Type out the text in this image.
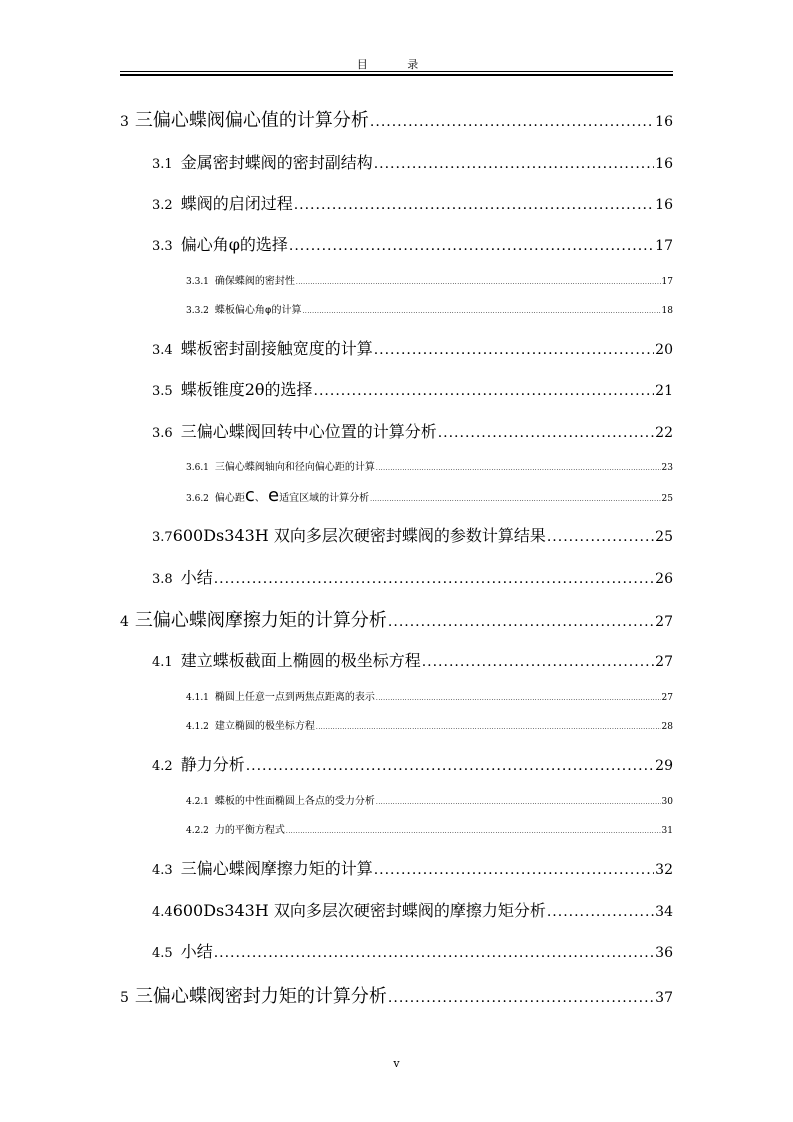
目 录
3 三偏心蝶阀偏心值的计算分析 .....	16
3.1 金属密封蝶阀的密封副结构 .....	16
3.2 蝶阀的启闭过程 .....	16
3.3 偏心角φ的选择 .....	17
3.3.1 确保蝶阀的密封性 .....	17
3.3.2 蝶板偏心角φ的计算 .....	18
3.4 蝶板密封副接触宽度的计算 .....	20
3.5 蝶板锥度2θ的选择 .....	21
3.6 三偏心蝶阀回转中心位置的计算分析 .....	22
3.6.1 三偏心蝶阀轴向和径向偏心距的计算 .....	23
3.6.2 偏心距c、 e适宜区域的计算分析 .....	25
3.7 600Ds343H 双向多层次硬密封蝶阀的参数计算结果 .....	25
3.8 小结 .....	26
4 三偏心蝶阀摩擦力矩的计算分析 .....	27
4.1 建立蝶板截面上椭圆的极坐标方程 .....	27
4.1.1 椭圆上任意一点到两焦点距离的表示 .....	27
4.1.2 建立椭圆的极坐标方程 .....	28
4.2 静力分析 .....	29
4.2.1 蝶板的中性面椭圆上各点的受力分析 .....	30
4.2.2 力的平衡方程式 .....	31
4.3 三偏心蝶阀摩擦力矩的计算 .....	32
4.4 600Ds343H 双向多层次硬密封蝶阀的摩擦力矩分析 .....	34
4.5 小结 .....	36
5 三偏心蝶阀密封力矩的计算分析 .....	37
v
